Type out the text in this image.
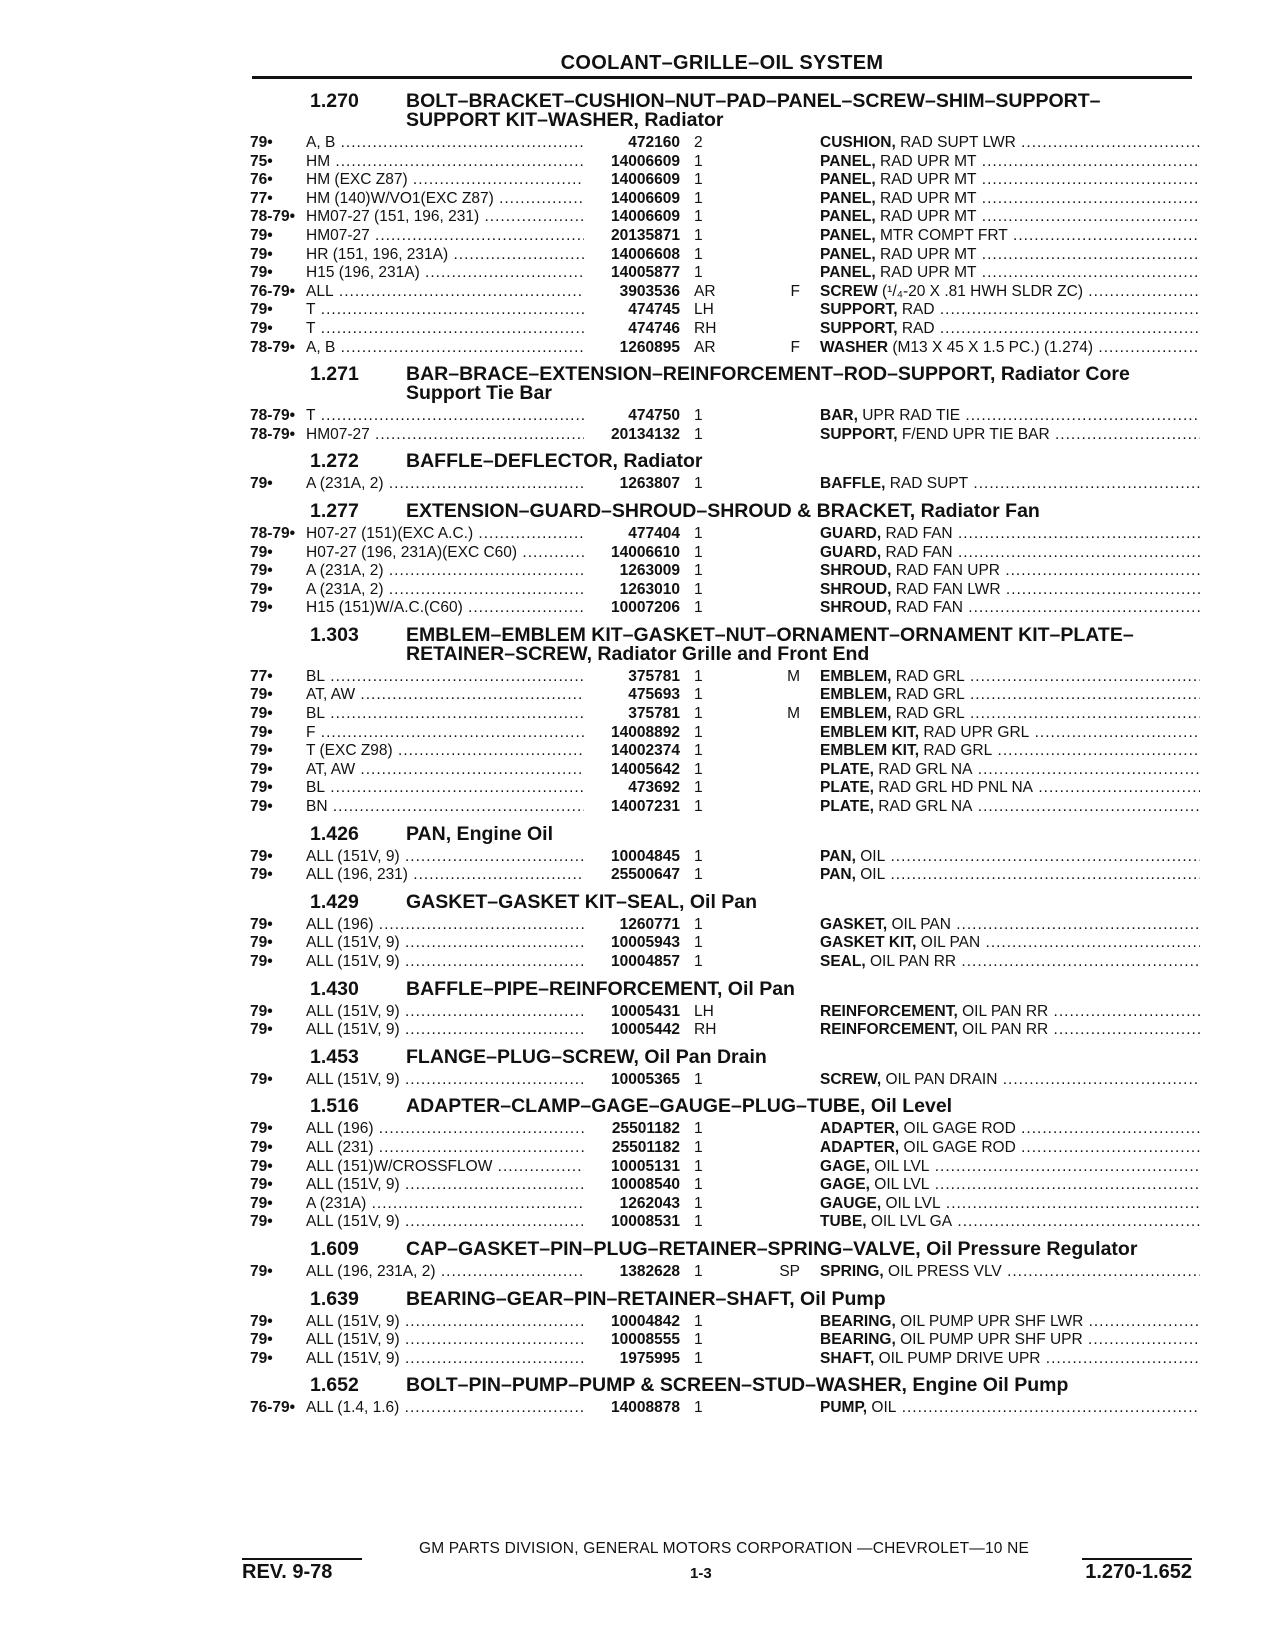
COOLANT–GRILLE–OIL SYSTEM
1.270	BOLT–BRACKET–CUSHION–NUT–PAD–PANEL–SCREW–SHIM–SUPPORT–SUPPORT KIT–WASHER, Radiator
79•	A, B .....	472160 2	CUSHION, RAD SUPT LWR .....
75•	HM .....	14006609 1	PANEL, RAD UPR MT .....
76•	HM (EXC Z87) .....	14006609 1	PANEL, RAD UPR MT .....
77•	HM (140)W/VO1(EXC Z87) .....	14006609 1	PANEL, RAD UPR MT .....
78-79• HM07-27 (151, 196, 231) .....	14006609 1	PANEL, RAD UPR MT .....
79•	HM07-27 .....	20135871 1	PANEL, MTR COMPT FRT .....
79•	HR (151, 196, 231A) .....	14006608 1	PANEL, RAD UPR MT .....
79•	H15 (196, 231A) .....	14005877 1	PANEL, RAD UPR MT .....
76-79• ALL .....	3903536 AR	F	SCREW (¹/₄-20 X .81 HWH SLDR ZC) .....
79•	T .....	474745 LH	SUPPORT, RAD .....
79•	T .....	474746 RH	SUPPORT, RAD .....
78-79• A, B .....	1260895 AR	F	WASHER (M13 X 45 X 1.5 PC.) (1.274) .....
1.271	BAR–BRACE–EXTENSION–REINFORCEMENT–ROD–SUPPORT, Radiator Core Support Tie Bar
78-79• T .....	474750 1	BAR, UPR RAD TIE .....
78-79• HM07-27 .....	20134132 1	SUPPORT, F/END UPR TIE BAR .....
1.272	BAFFLE–DEFLECTOR, Radiator
79•	A (231A, 2) .....	1263807 1	BAFFLE, RAD SUPT .....
1.277	EXTENSION–GUARD–SHROUD–SHROUD & BRACKET, Radiator Fan
78-79• H07-27 (151)(EXC A.C.) .....	477404 1	GUARD, RAD FAN .....
79•	H07-27 (196, 231A)(EXC C60) .....	14006610 1	GUARD, RAD FAN .....
79•	A (231A, 2) .....	1263009 1	SHROUD, RAD FAN UPR .....
79•	A (231A, 2) .....	1263010 1	SHROUD, RAD FAN LWR .....
79•	H15 (151)W/A.C.(C60) .....	10007206 1	SHROUD, RAD FAN .....
1.303	EMBLEM–EMBLEM KIT–GASKET–NUT–ORNAMENT–ORNAMENT KIT–PLATE–RETAINER–SCREW, Radiator Grille and Front End
77•	BL .....	375781 1	M	EMBLEM, RAD GRL .....
79•	AT, AW .....	475693 1	EMBLEM, RAD GRL .....
79•	BL .....	375781 1	M	EMBLEM, RAD GRL .....
79•	F .....	14008892 1	EMBLEM KIT, RAD UPR GRL .....
79•	T (EXC Z98) .....	14002374 1	EMBLEM KIT, RAD GRL .....
79•	AT, AW .....	14005642 1	PLATE, RAD GRL NA .....
79•	BL .....	473692 1	PLATE, RAD GRL HD PNL NA .....
79•	BN .....	14007231 1	PLATE, RAD GRL NA .....
1.426	PAN, Engine Oil
79•	ALL (151V, 9) .....	10004845 1	PAN, OIL .....
79•	ALL (196, 231) .....	25500647 1	PAN, OIL .....
1.429	GASKET–GASKET KIT–SEAL, Oil Pan
79•	ALL (196) .....	1260771 1	GASKET, OIL PAN .....
79•	ALL (151V, 9) .....	10005943 1	GASKET KIT, OIL PAN .....
79•	ALL (151V, 9) .....	10004857 1	SEAL, OIL PAN RR .....
1.430	BAFFLE–PIPE–REINFORCEMENT, Oil Pan
79•	ALL (151V, 9) .....	10005431 LH	REINFORCEMENT, OIL PAN RR .....
79•	ALL (151V, 9) .....	10005442 RH	REINFORCEMENT, OIL PAN RR .....
1.453	FLANGE–PLUG–SCREW, Oil Pan Drain
79•	ALL (151V, 9) .....	10005365 1	SCREW, OIL PAN DRAIN .....
1.516	ADAPTER–CLAMP–GAGE–GAUGE–PLUG–TUBE, Oil Level
79•	ALL (196) .....	25501182 1	ADAPTER, OIL GAGE ROD .....
79•	ALL (231) .....	25501182 1	ADAPTER, OIL GAGE ROD .....
79•	ALL (151)W/CROSSFLOW .....	10005131 1	GAGE, OIL LVL .....
79•	ALL (151V, 9) .....	10008540 1	GAGE, OIL LVL .....
79•	A (231A) .....	1262043 1	GAUGE, OIL LVL .....
79•	ALL (151V, 9) .....	10008531 1	TUBE, OIL LVL GA .....
1.609	CAP–GASKET–PIN–PLUG–RETAINER–SPRING–VALVE, Oil Pressure Regulator
79•	ALL (196, 231A, 2) .....	1382628 1	SP	SPRING, OIL PRESS VLV .....
1.639	BEARING–GEAR–PIN–RETAINER–SHAFT, Oil Pump
79•	ALL (151V, 9) .....	10004842 1	BEARING, OIL PUMP UPR SHF LWR .....
79•	ALL (151V, 9) .....	10008555 1	BEARING, OIL PUMP UPR SHF UPR .....
79•	ALL (151V, 9) .....	1975995 1	SHAFT, OIL PUMP DRIVE UPR .....
1.652	BOLT–PIN–PUMP–PUMP & SCREEN–STUD–WASHER, Engine Oil Pump
76-79• ALL (1.4, 1.6) .....	14008878 1	PUMP, OIL .....
GM PARTS DIVISION, GENERAL MOTORS CORPORATION —CHEVROLET—10 NE
REV. 9-78	1-3	1.270-1.652
